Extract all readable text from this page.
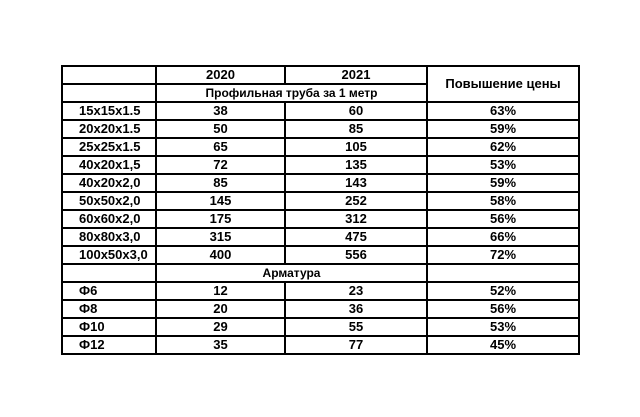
	2020	2021	Повышение цены
	Профильная труба за 1 метр		
15x15x1.5	38	60	63%
20x20x1.5	50	85	59%
25x25x1.5	65	105	62%
40x20x1,5	72	135	53%
40x20x2,0	85	143	59%
50x50x2,0	145	252	58%
60x60x2,0	175	312	56%
80x80x3,0	315	475	66%
100x50x3,0	400	556	72%
	Арматура		
Ф6	12	23	52%
Ф8	20	36	56%
Ф10	29	55	53%
Ф12	35	77	45%
